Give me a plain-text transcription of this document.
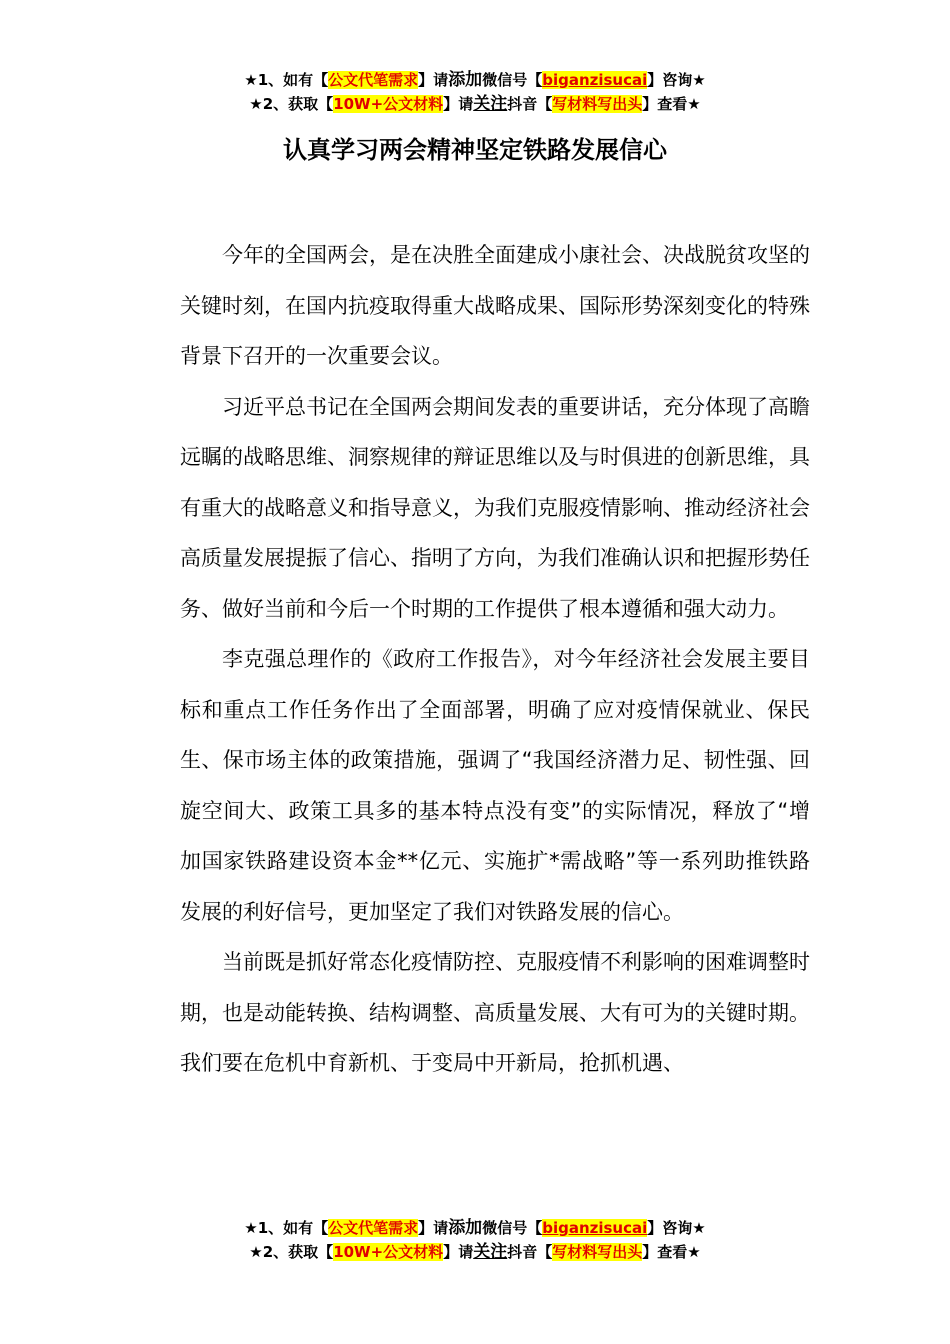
★1、如有【公文代笔需求】请添加微信号【biganzisucai】咨询★
★2、获取【10W+公文材料】请关注抖音【写材料写出头】查看★
认真学习两会精神坚定铁路发展信心

今年的全国两会，是在决胜全面建成小康社会、决战脱贫攻坚的关键时刻，在国内抗疫取得重大战略成果、国际形势深刻变化的特殊背景下召开的一次重要会议。

习近平总书记在全国两会期间发表的重要讲话，充分体现了高瞻远瞩的战略思维、洞察规律的辩证思维以及与时俱进的创新思维，具有重大的战略意义和指导意义，为我们克服疫情影响、推动经济社会高质量发展提振了信心、指明了方向，为我们准确认识和把握形势任务、做好当前和今后一个时期的工作提供了根本遵循和强大动力。

李克强总理作的《政府工作报告》，对今年经济社会发展主要目标和重点工作任务作出了全面部署，明确了应对疫情保就业、保民生、保市场主体的政策措施，强调了“我国经济潜力足、韧性强、回旋空间大、政策工具多的基本特点没有变”的实际情况，释放了“增加国家铁路建设资本金**亿元、实施扩*需战略”等一系列助推铁路发展的利好信号，更加坚定了我们对铁路发展的信心。

当前既是抓好常态化疫情防控、克服疫情不利影响的困难调整时期，也是动能转换、结构调整、高质量发展、大有可为的关键时期。我们要在危机中育新机、于变局中开新局，抢抓机遇、

★1、如有【公文代笔需求】请添加微信号【biganzisucai】咨询★
★2、获取【10W+公文材料】请关注抖音【写材料写出头】查看★
